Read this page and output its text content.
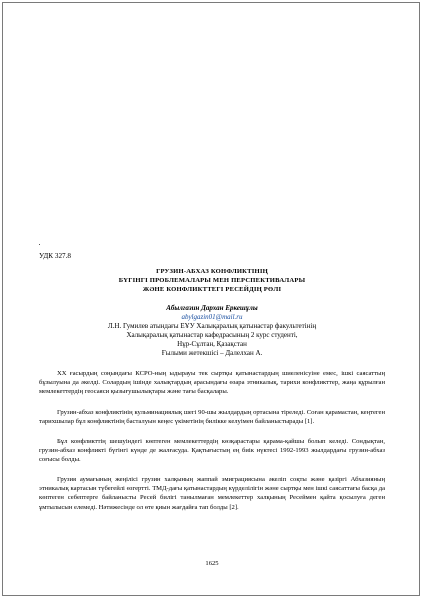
УДК 327.8
ГРУЗИН-АБХАЗ КОНФЛИКТІНІҢ
БҮГІНГІ ПРОБЛЕМАЛАРЫ МЕН ПЕРСПЕКТИВАЛАРЫ
ЖӘНЕ КОНФЛИКТТЕГІ РЕСЕЙДІҢ РӨЛІ
Абылгазин Дархан Еркешұлы
abylgazin01@mail.ru
Л.Н. Гумилев атындағы ЕҰУ Халықаралық қатынастар факультетінің
Халықаралық қатынастар кафедрасының 2 курс студенті,
Нұр-Сұлтан, Қазақстан
Ғылыми жетекшісі – Далелхан А.

XX ғасырдың соңындағы КСРО-ның ыдырауы тек сыртқы қатынастардың шиеленісуіне емес, ішкі саясаттың бұзылуына да әкелді. Солардың ішінде халықтардың арасындағы өзара этникалық, тарихи конфликттер, жаңа құрылған мемлекеттердің геосаяси қызығушылықтары және тағы басқалары.

Грузин-абхаз конфликтінің кульминациялық шегі 90-шы жылдардың ортасына тіреледі. Соған қарамастан, кеңтеген тарихшылар бұл конфликтінің басталуын кеңес үкіметінің билікке келуімен байланыстырады [1].

Бұл конфликттің шешуіндегі көптеген мемлекеттердің көзқарастары қарама-қайшы болып келеді. Сондықтан, грузин-абхаз конфликті бүгінгі күнде де жалғасуда. Қақтығыстың ең биік нүктесі 1992-1993 жылдардағы грузин-абхаз соғысы болды.

Грузия аумағының жеңілісі грузин халқының жаппай эмиграциясына әкеліп соқты және қазіргі Абхазияның этникалық картасын түбегейлі өзгертті. ТМД-дағы қатынастардың күрделілігін және сыртқы мен ішкі саясаттағы басқа да көптеген себептерге байланысты Ресей билігі танылмаған мемлекеттер халқының Ресеймен қайта қосылуға деген ұмтылысын елемеді. Нәтижесінде ол өте қиын жағдайға тап болды [2].

1625
